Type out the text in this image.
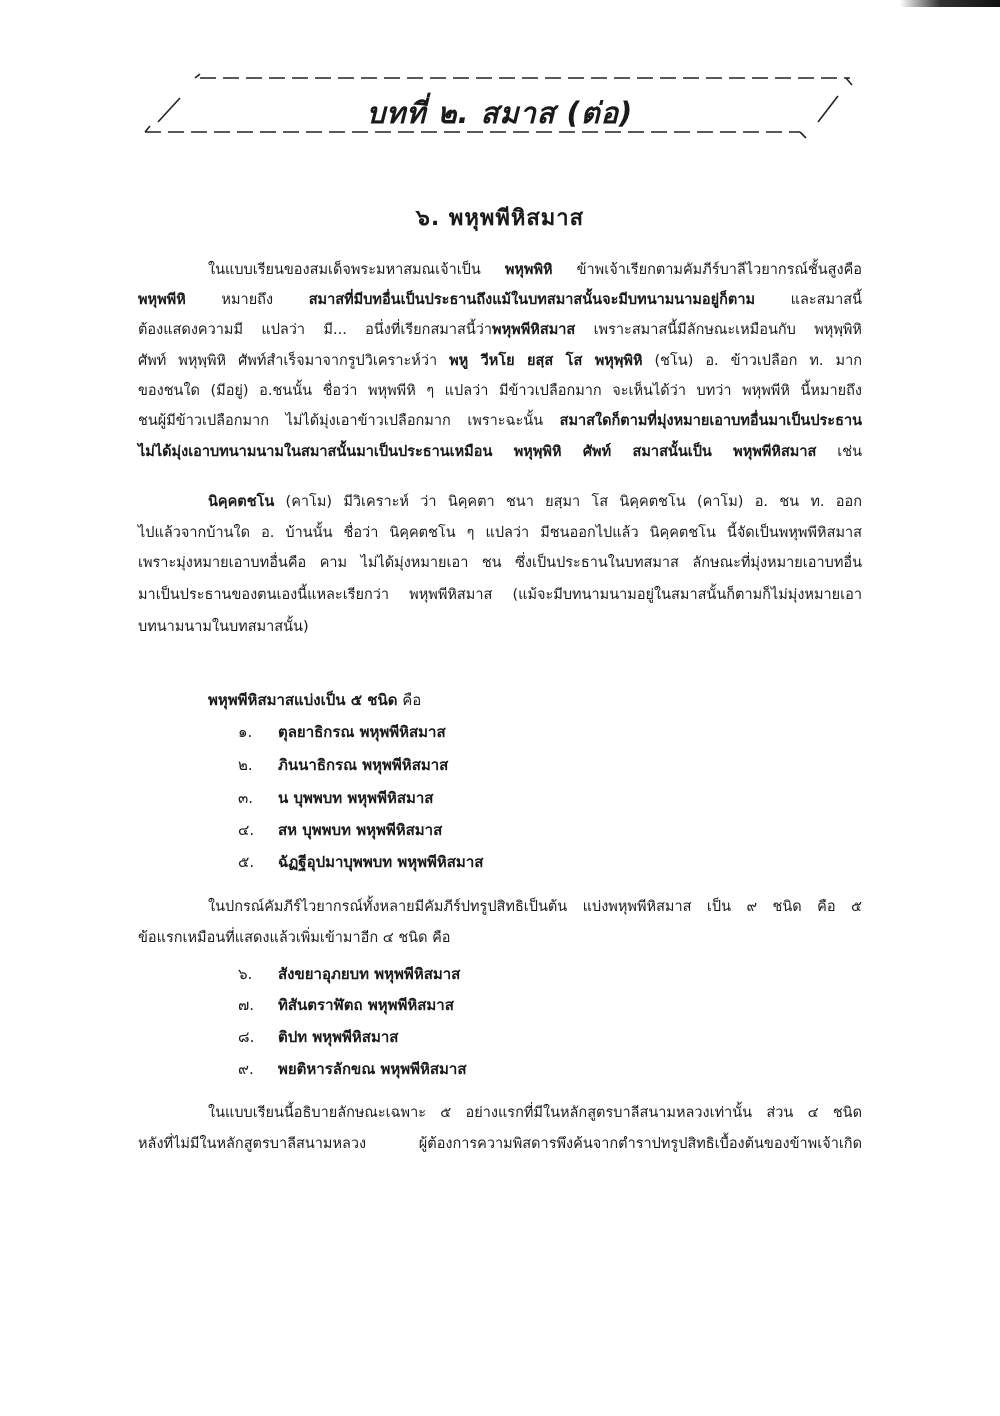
บทที่ ๒. สมาส (ต่อ)
๖. พหุพพีหิสมาส
ในแบบเรียนของสมเด็จพระมหาสมณเจ้าเป็น พหุพพิหิ ข้าพเจ้าเรียกตามคัมภีร์บาลีไวยากรณ์ชั้นสูงคือ
พหุพพีหิ หมายถึง สมาสที่มีบทอื่นเป็นประธานถึงแม้ในบทสมาสนั้นจะมีบทนามนามอยู่ก็ตาม และสมาสนี้
ต้องแสดงความมี แปลว่า มี... อนึ่งที่เรียกสมาสนี้ว่าพหุพพีหิสมาส เพราะสมาสนี้มีลักษณะเหมือนกับ พหุพฺพิหิ
ศัพท์ พหุพฺพิหิ ศัพท์สำเร็จมาจากรูปวิเคราะห์ว่า พหู วีหโย ยสฺส โส พหุพฺพิหิ (ชโน) อ. ข้าวเปลือก ท. มาก
ของชนใด (มีอยู่) อ.ชนนั้น ชื่อว่า พหุพพีหิ ๆ แปลว่า มีข้าวเปลือกมาก จะเห็นได้ว่า บทว่า พหุพพีหิ นี้หมายถึง
ชนผู้มีข้าวเปลือกมาก ไม่ได้มุ่งเอาข้าวเปลือกมาก เพราะฉะนั้น สมาสใดก็ตามที่มุ่งหมายเอาบทอื่นมาเป็นประธาน
ไม่ได้มุ่งเอาบทนามนามในสมาสนั้นมาเป็นประธานเหมือน พหุพฺพิหิ ศัพท์ สมาสนั้นเป็น พหุพพีหิสมาส เช่น
นิคฺคตชโน (คาโม) มีวิเคราะห์ ว่า นิคฺคตา ชนา ยสฺมา โส นิคฺคตชโน (คาโม) อ. ชน ท. ออก
ไปแล้วจากบ้านใด อ. บ้านนั้น ชื่อว่า นิคฺคตชโน ๆ แปลว่า มีชนออกไปแล้ว นิคฺคตชโน นี้จัดเป็นพหุพพีหิสมาส
เพราะมุ่งหมายเอาบทอื่นคือ คาม ไม่ได้มุ่งหมายเอา ชน ซึ่งเป็นประธานในบทสมาส ลักษณะที่มุ่งหมายเอาบทอื่น
มาเป็นประธานของตนเองนี้แหละเรียกว่า พหุพพีหิสมาส (แม้จะมีบทนามนามอยู่ในสมาสนั้นก็ตามก็ไม่มุ่งหมายเอา
บทนามนามในบทสมาสนั้น)
พหุพพีหิสมาสแบ่งเป็น ๕ ชนิด คือ
๑. ตุลยาธิกรณ พหุพพีหิสมาส
๒. ภินนาธิกรณ พหุพพีหิสมาส
๓. น บุพพบท พหุพพีหิสมาส
๔. สห บุพพบท พหุพพีหิสมาส
๕. ฉัฏฐีอุปมาบุพพบท พหุพพีหิสมาส
ในปกรณ์คัมภีร์ไวยากรณ์ทั้งหลายมีคัมภีร์ปทรูปสิทธิเป็นต้น แบ่งพหุพพีหิสมาส เป็น ๙ ชนิด คือ ๕
ข้อแรกเหมือนที่แสดงแล้วเพิ่มเข้ามาอีก ๔ ชนิด คือ
๖. สังขยาอุภยบท พหุพพีหิสมาส
๗. ทิสันตราฬัตถ พหุพพีหิสมาส
๘. ติปท พหุพพีหิสมาส
๙. พยติหารลักขณ พหุพพีหิสมาส
ในแบบเรียนนี้อธิบายลักษณะเฉพาะ ๕ อย่างแรกที่มีในหลักสูตรบาลีสนามหลวงเท่านั้น ส่วน ๔ ชนิด
หลังที่ไม่มีในหลักสูตรบาลีสนามหลวง ผู้ต้องการความพิสดารพึงค้นจากตำราปทรูปสิทธิเบื้องต้นของข้าพเจ้าเกิด
